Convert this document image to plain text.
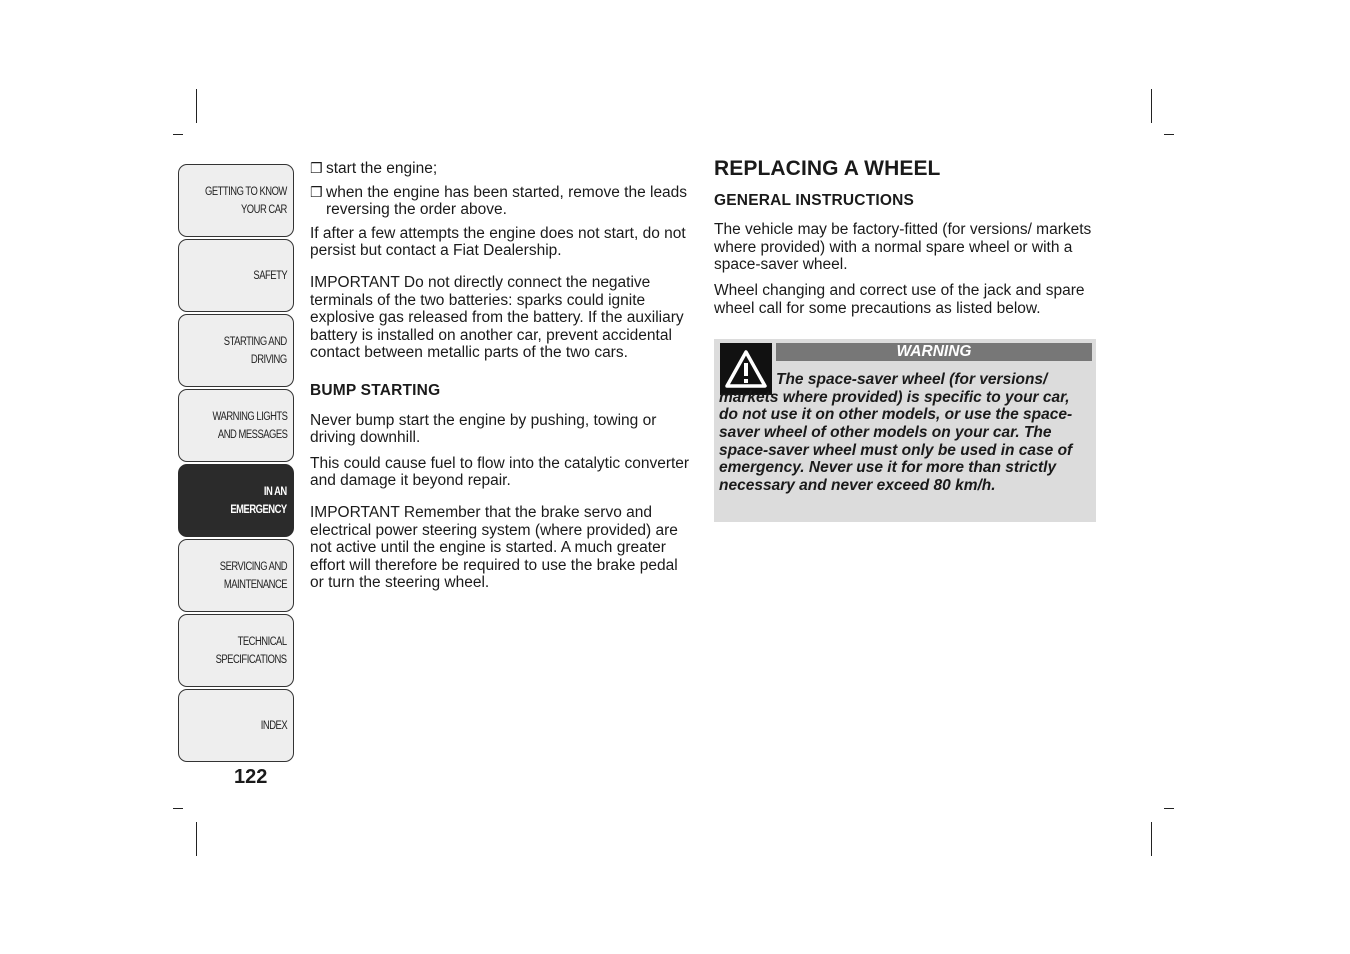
GETTING TO KNOW
YOUR CAR
SAFETY
STARTING AND
DRIVING
WARNING LIGHTS
AND MESSAGES
IN AN
EMERGENCY
SERVICING AND
MAINTENANCE
TECHNICAL
SPECIFICATIONS
INDEX
122
❒ start the engine;
❒ when the engine has been started, remove the leads reversing the order above.

If after a few attempts the engine does not start, do not persist but contact a Fiat Dealership.

IMPORTANT Do not directly connect the negative terminals of the two batteries: sparks could ignite explosive gas released from the battery. If the auxiliary battery is installed on another car, prevent accidental contact between metallic parts of the two cars.

BUMP STARTING

Never bump start the engine by pushing, towing or driving downhill.

This could cause fuel to flow into the catalytic converter and damage it beyond repair.

IMPORTANT Remember that the brake servo and electrical power steering system (where provided) are not active until the engine is started. A much greater effort will therefore be required to use the brake pedal or turn the steering wheel.

REPLACING A WHEEL
GENERAL INSTRUCTIONS

The vehicle may be factory-fitted (for versions/ markets where provided) with a normal spare wheel or with a space-saver wheel.

Wheel changing and correct use of the jack and spare wheel call for some precautions as listed below.

WARNING
The space-saver wheel (for versions/ markets where provided) is specific to your car, do not use it on other models, or use the space-saver wheel of other models on your car. The space-saver wheel must only be used in case of emergency. Never use it for more than strictly necessary and never exceed 80 km/h.
